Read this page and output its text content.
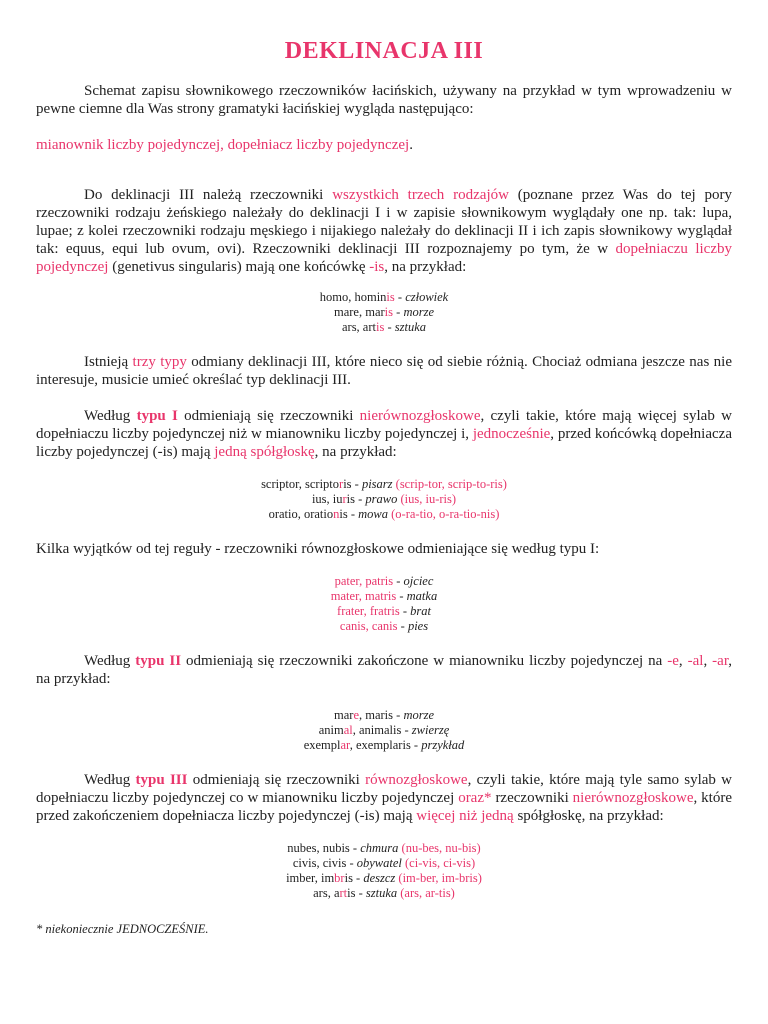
DEKLINACJA III

Schemat zapisu słownikowego rzeczowników łacińskich, używany na przykład w tym wprowadzeniu w pewne ciemne dla Was strony gramatyki łacińskiej wygląda następująco:

mianownik liczby pojedynczej, dopełniacz liczby pojedynczej.

Do deklinacji III należą rzeczowniki wszystkich trzech rodzajów (poznane przez Was do tej pory rzeczowniki rodzaju żeńskiego należały do deklinacji I i w zapisie słownikowym wyglądały one np. tak: lupa, lupae; z kolei rzeczowniki rodzaju męskiego i nijakiego należały do deklinacji II i ich zapis słownikowy wyglądał tak: equus, equi lub ovum, ovi). Rzeczowniki deklinacji III rozpoznajemy po tym, że w dopełniaczu liczby pojedynczej (genetivus singularis) mają one końcówkę -is, na przykład:

homo, hominis - człowiek
mare, maris - morze
ars, artis - sztuka

Istnieją trzy typy odmiany deklinacji III, które nieco się od siebie różnią. Chociaż odmiana jeszcze nas nie interesuje, musicie umieć określać typ deklinacji III.

Według typu I odmieniają się rzeczowniki nierównozgłoskowe, czyli takie, które mają więcej sylab w dopełniaczu liczby pojedynczej niż w mianowniku liczby pojedynczej i, jednocześnie, przed końcówką dopełniacza liczby pojedynczej (-is) mają jedną spółgłoskę, na przykład:

scriptor, scriptoris - pisarz (scrip-tor, scrip-to-ris)
ius, iuris - prawo (ius, iu-ris)
oratio, orationis - mowa (o-ra-tio, o-ra-tio-nis)

Kilka wyjątków od tej reguły - rzeczowniki równozgłoskowe odmieniające się według typu I:

pater, patris - ojciec
mater, matris - matka
frater, fratris - brat
canis, canis - pies

Według typu II odmieniają się rzeczowniki zakończone w mianowniku liczby pojedynczej na -e, -al, -ar, na przykład:

mare, maris - morze
animal, animalis - zwierzę
exemplar, exemplaris - przykład

Według typu III odmieniają się rzeczowniki równozgłoskowe, czyli takie, które mają tyle samo sylab w dopełniaczu liczby pojedynczej co w mianowniku liczby pojedynczej oraz* rzeczowniki nierównozgłoskowe, które przed zakończeniem dopełniacza liczby pojedynczej (-is) mają więcej niż jedną spółgłoskę, na przykład:

nubes, nubis - chmura (nu-bes, nu-bis)
civis, civis - obywatel (ci-vis, ci-vis)
imber, imbris - deszcz (im-ber, im-bris)
ars, artis - sztuka (ars, ar-tis)

* niekoniecznie JEDNOCZEŚNIE.
